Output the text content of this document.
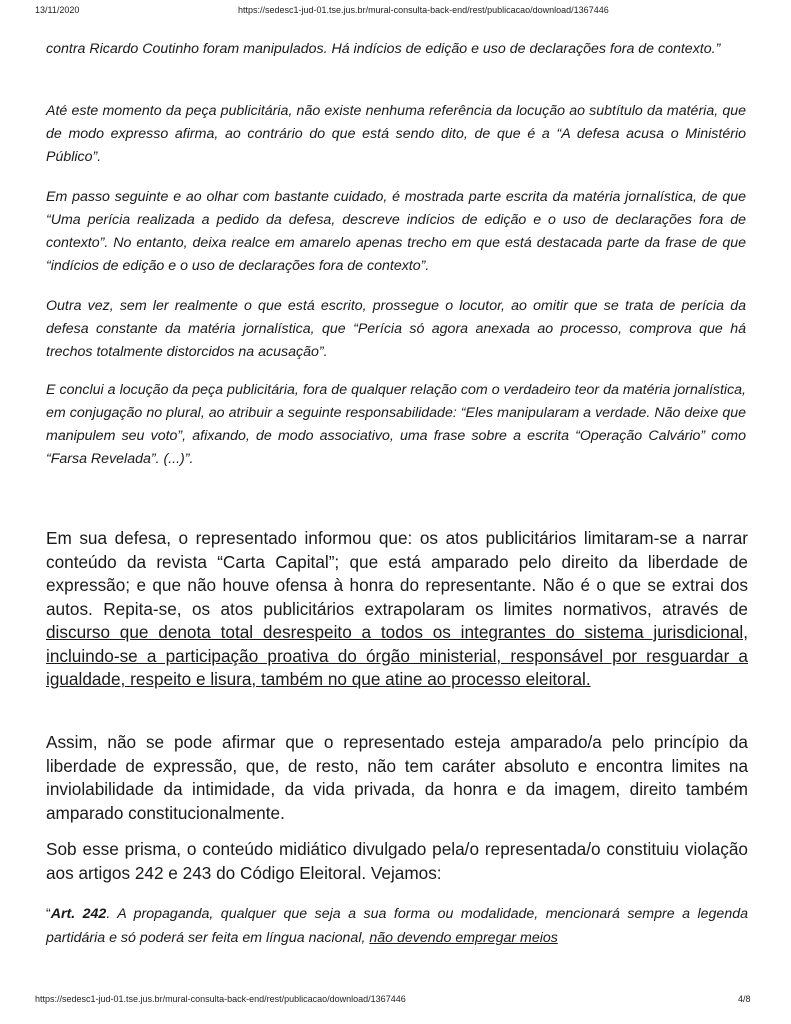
13/11/2020	https://sedesc1-jud-01.tse.jus.br/mural-consulta-back-end/rest/publicacao/download/1367446

contra Ricardo Coutinho foram manipulados. Há indícios de edição e uso de declarações fora de contexto.”

Até este momento da peça publicitária, não existe nenhuma referência da locução ao subtítulo da matéria, que de modo expresso afirma, ao contrário do que está sendo dito, de que é a “A defesa acusa o Ministério Público”.

Em passo seguinte e ao olhar com bastante cuidado, é mostrada parte escrita da matéria jornalística, de que “Uma perícia realizada a pedido da defesa, descreve indícios de edição e o uso de declarações fora de contexto”. No entanto, deixa realce em amarelo apenas trecho em que está destacada parte da frase de que “indícios de edição e o uso de declarações fora de contexto”.

Outra vez, sem ler realmente o que está escrito, prossegue o locutor, ao omitir que se trata de perícia da defesa constante da matéria jornalística, que “Perícia só agora anexada ao processo, comprova que há trechos totalmente distorcidos na acusação”.

E conclui a locução da peça publicitária, fora de qualquer relação com o verdadeiro teor da matéria jornalística, em conjugação no plural, ao atribuir a seguinte responsabilidade: “Eles manipularam a verdade. Não deixe que manipulem seu voto”, afixando, de modo associativo, uma frase sobre a escrita “Operação Calvário” como “Farsa Revelada”. (...)”.

Em sua defesa, o representado informou que: os atos publicitários limitaram-se a narrar conteúdo da revista “Carta Capital”; que está amparado pelo direito da liberdade de expressão; e que não houve ofensa à honra do representante. Não é o que se extrai dos autos. Repita-se, os atos publicitários extrapolaram os limites normativos, através de discurso que denota total desrespeito a todos os integrantes do sistema jurisdicional, incluindo-se a participação proativa do órgão ministerial, responsável por resguardar a igualdade, respeito e lisura, também no que atine ao processo eleitoral.

Assim, não se pode afirmar que o representado esteja amparado/a pelo princípio da liberdade de expressão, que, de resto, não tem caráter absoluto e encontra limites na inviolabilidade da intimidade, da vida privada, da honra e da imagem, direito também amparado constitucionalmente.

Sob esse prisma, o conteúdo midiático divulgado pela/o representada/o constituiu violação aos artigos 242 e 243 do Código Eleitoral. Vejamos:

“Art. 242. A propaganda, qualquer que seja a sua forma ou modalidade, mencionará sempre a legenda partidária e só poderá ser feita em língua nacional, não devendo empregar meios

https://sedesc1-jud-01.tse.jus.br/mural-consulta-back-end/rest/publicacao/download/1367446	4/8
